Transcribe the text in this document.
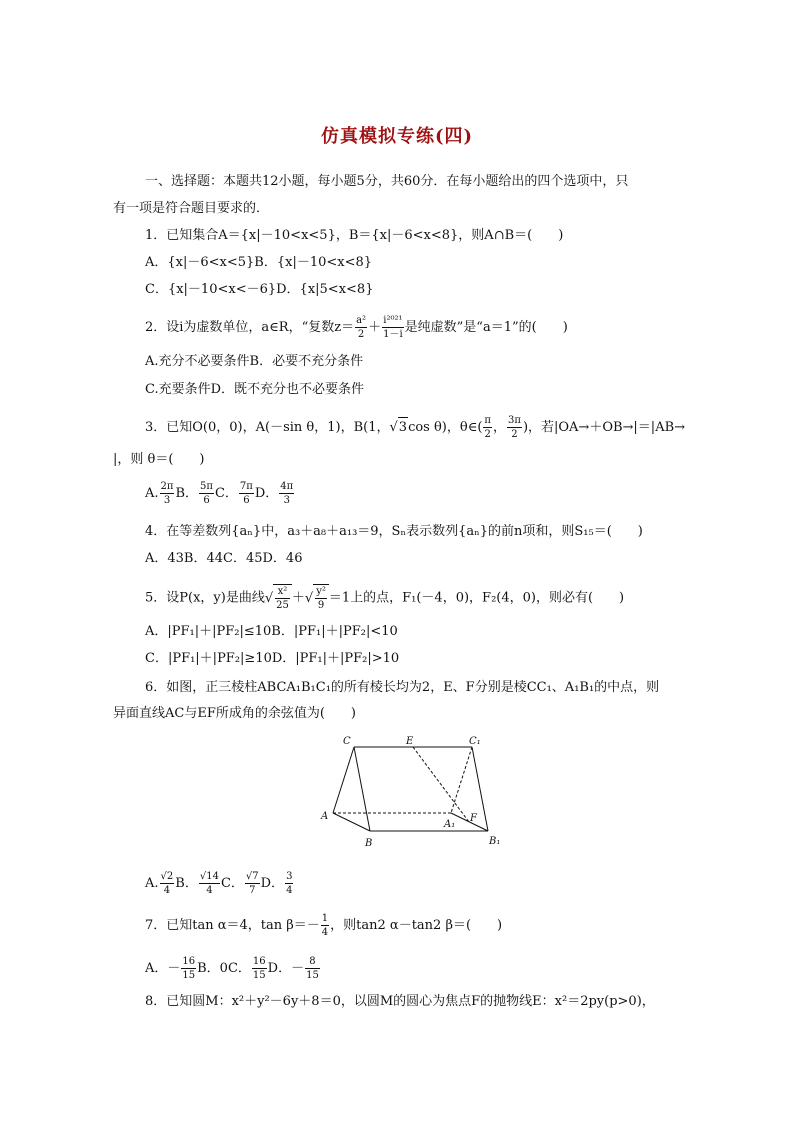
仿真模拟专练(四)
一、选择题：本题共12小题，每小题5分，共60分．在每小题给出的四个选项中，只
有一项是符合题目要求的．
1．已知集合A＝{x|－10<x<5}，B＝{x|－6<x<8}，则A∩B＝(　　)
A．{x|－6<x<5}B．{x|－10<x<8}
C．{x|－10<x<－6}D．{x|5<x<8}
2．设i为虚数单位，a∈R，“复数$z= \frac{\text{a²}}{2} + \frac{\text{i²⁰²¹}}{1-i}$ 是纯虚数”是“a＝1”的(　　)
A.充分不必要条件B．必要不充分条件
C.充要条件D．既不充分也不必要条件
3．已知O(0，0)，A(－sin θ，1)，B(1，√3cos θ)，θ∈( $\frac{\pi}{2}$ ， $\frac{3\pi}{2}$ )，若|OA→＋OB→|＝|AB→
|，则 θ＝(　　)
A. $\frac{2\pi}{3}$ B． $\frac{5\pi}{6}$ C． $\frac{7\pi}{6}$ D． $\frac{4\pi}{3}$
4．在等差数列{aₙ}中，a₃＋a₈＋a₁₃＝9，Sₙ表示数列{aₙ}的前n项和，则S₁₅＝(　　)
A．43B．44C．45D．46
5．设P(x，y)是曲线√ $\frac{\text{x²}}{25}$ ＋√ $\frac{\text{y²}}{9} =1$上的点，F₁(－4，0)，F₂(4，0)，则必有(　　)
A．|PF₁|＋|PF₂|≤10B．|PF₁|＋|PF₂|<10
C．|PF₁|＋|PF₂|≥10D．|PF₁|＋|PF₂|>10
6．如图，正三棱柱ABCA₁B₁C₁的所有棱长均为2，E、F分别是棱CC₁、A₁B₁的中点，则
异面直线AC与EF所成角的余弦值为(　　)
C	E	C₁
A
A₁
F
B	B₁
A. $\frac{√2}{4}$ B． $\frac{√14}{4}$ C． $\frac{√7}{7}$ D． $\frac{3}{4}$
7．已知tan α＝4，$\tan \beta=- \frac{1}{4}$ ，则tan2 α－tan2 β＝(　　)
A．－ $\frac{16}{15}$ B．0C． $\frac{16}{15}$ D．－ $\frac{8}{15}$
8．已知圆M：x²＋y²－6y＋8＝0，以圆M的圆心为焦点F的抛物线E：x²＝2py(p>0)，
